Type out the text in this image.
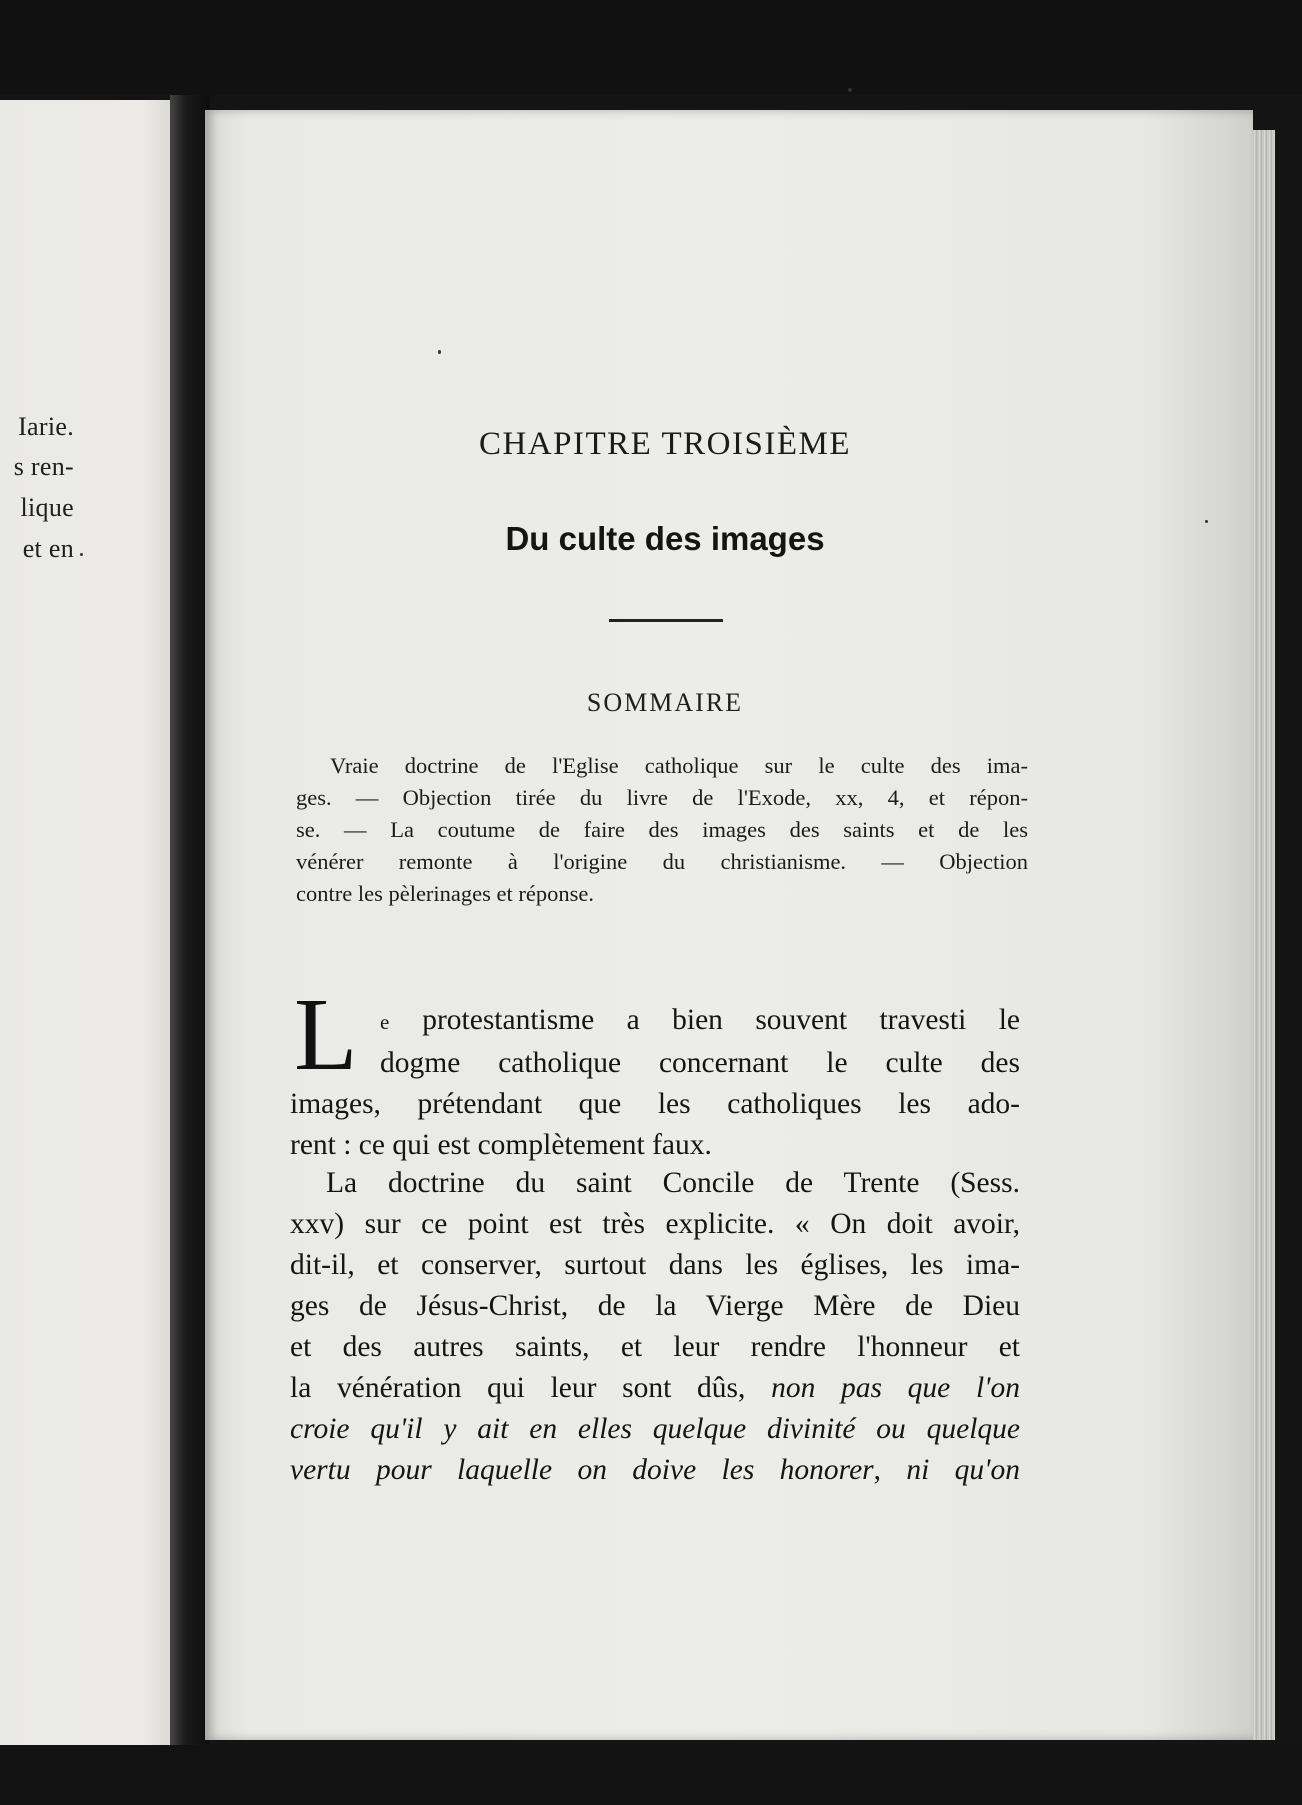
Iarie.
s ren-
lique
et en
CHAPITRE TROISIÈME
Du culte des images
SOMMAIRE
Vraie doctrine de l'Eglise catholique sur le culte des ima-
ges. — Objection tirée du livre de l'Exode, xx, 4, et répon-
se. — La coutume de faire des images des saints et de les
vénérer remonte à l'origine du christianisme. — Objection
contre les pèlerinages et réponse.
L	e protestantisme a bien souvent travesti le
dogme catholique concernant le culte des
images, prétendant que les catholiques les ado-
rent : ce qui est complètement faux.
La doctrine du saint Concile de Trente (Sess.
xxv) sur ce point est très explicite. « On doit avoir,
dit-il, et conserver, surtout dans les églises, les ima-
ges de Jésus-Christ, de la Vierge Mère de Dieu
et des autres saints, et leur rendre l'honneur et
la vénération qui leur sont dûs, non pas que l'on
croie qu'il y ait en elles quelque divinité ou quelque
vertu pour laquelle on doive les honorer, ni qu'on
